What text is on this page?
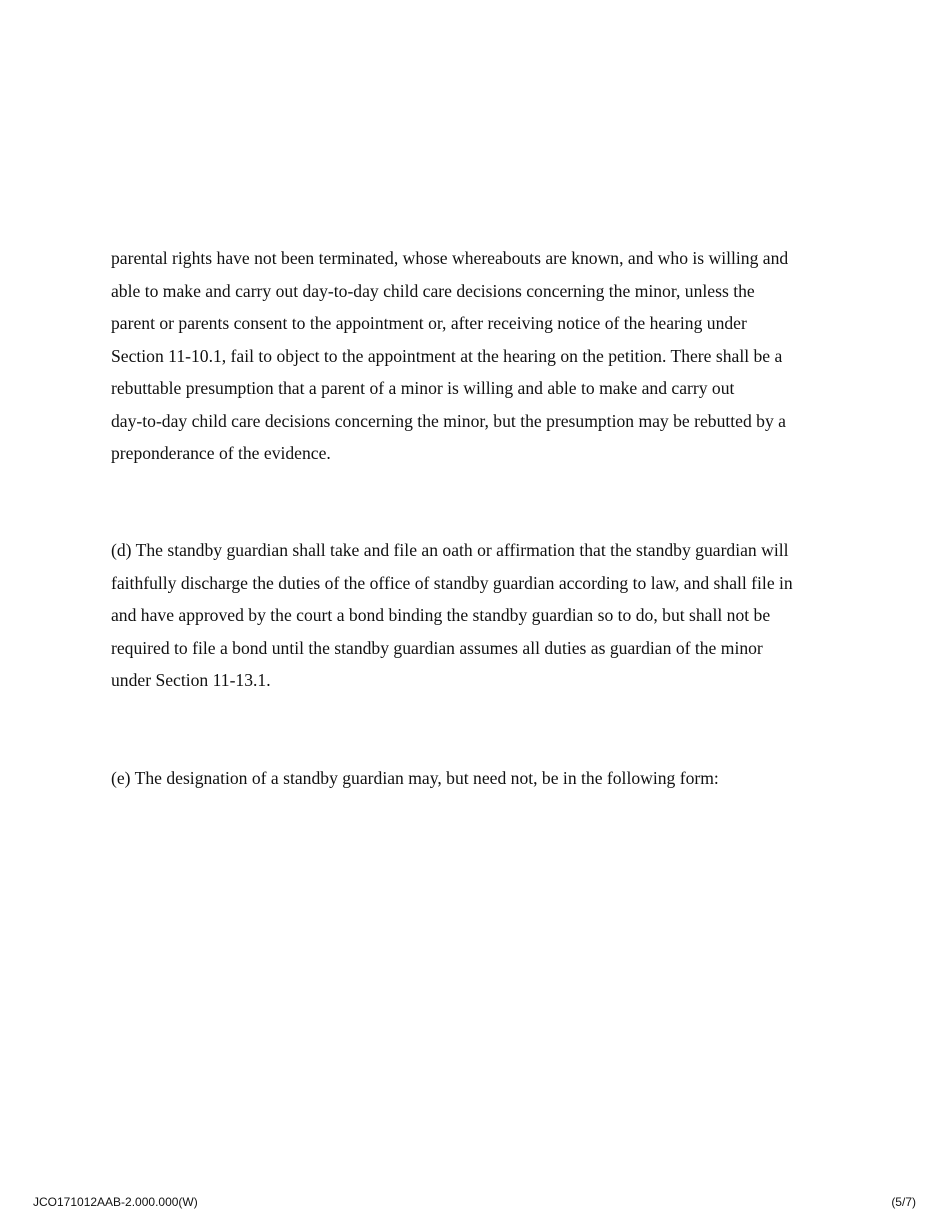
parental rights have not been terminated, whose whereabouts are known, and who is willing and
able to make and carry out day-to-day child care decisions concerning the minor, unless the
parent or parents consent to the appointment or, after receiving notice of the hearing under
Section 11-10.1, fail to object to the appointment at the hearing on the petition. There shall be a
rebuttable presumption that a parent of a minor is willing and able to make and carry out
day-to-day child care decisions concerning the minor, but the presumption may be rebutted by a
preponderance of the evidence.
(d) The standby guardian shall take and file an oath or affirmation that the standby guardian will
faithfully discharge the duties of the office of standby guardian according to law, and shall file in
and have approved by the court a bond binding the standby guardian so to do, but shall not be
required to file a bond until the standby guardian assumes all duties as guardian of the minor
under Section 11-13.1.
(e) The designation of a standby guardian may, but need not, be in the following form:
JCO171012AAB-2.000.000(W)	(5/7)
